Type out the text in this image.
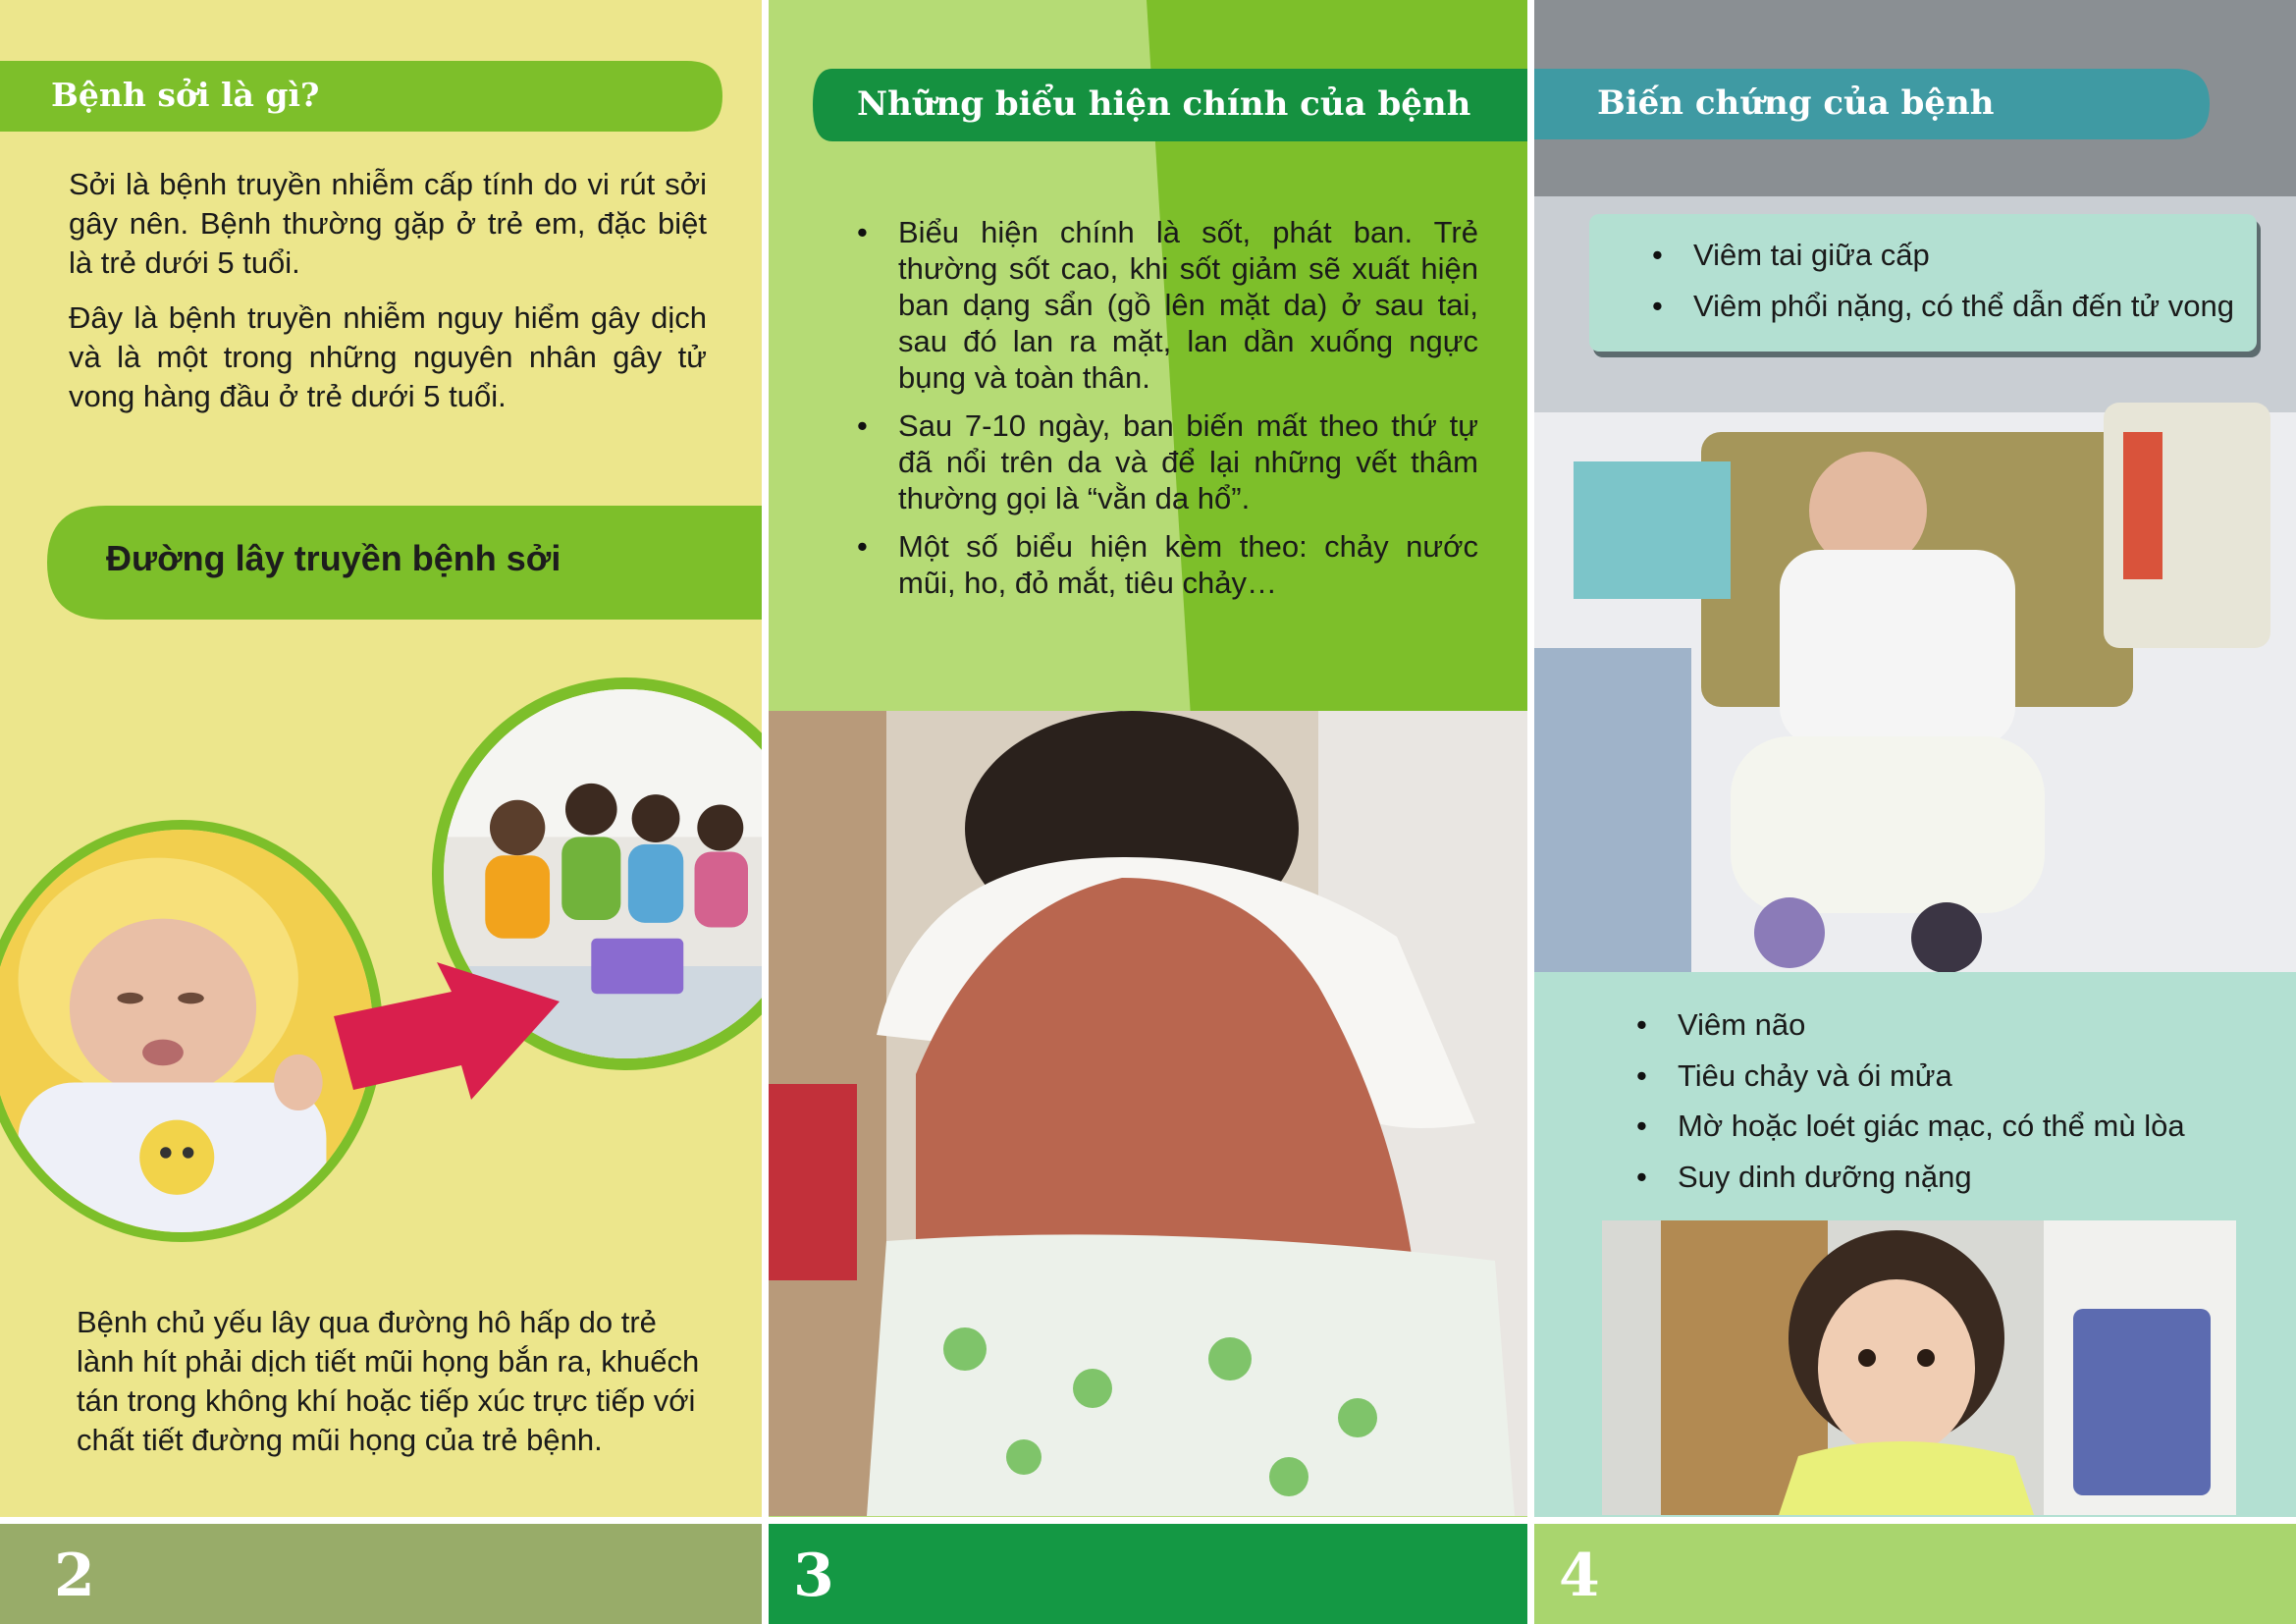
Bệnh sởi là gì?

Sởi là bệnh truyền nhiễm cấp tính do vi rút sởi gây nên. Bệnh thường gặp ở trẻ em, đặc biệt là trẻ dưới 5 tuổi.

Đây là bệnh truyền nhiễm nguy hiểm gây dịch và là một trong những nguyên nhân gây tử vong hàng đầu ở trẻ dưới 5 tuổi.

Đường lây truyền bệnh sởi
Bệnh chủ yếu lây qua đường hô hấp do trẻ lành hít phải dịch tiết mũi họng bắn ra, khuếch tán trong không khí hoặc tiếp xúc trực tiếp với chất tiết đường mũi họng của trẻ bệnh.
2
Những biểu hiện chính của bệnh
• Biểu hiện chính là sốt, phát ban. Trẻ thường sốt cao, khi sốt giảm sẽ xuất hiện ban dạng sẩn (gồ lên mặt da) ở sau tai, sau đó lan ra mặt, lan dần xuống ngực bụng và toàn thân.
• Sau 7-10 ngày, ban biến mất theo thứ tự đã nổi trên da và để lại những vết thâm thường gọi là “vằn da hổ”.
• Một số biểu hiện kèm theo: chảy nước mũi, ho, đỏ mắt, tiêu chảy…
3
Biến chứng của bệnh
• Viêm tai giữa cấp
• Viêm phổi nặng, có thể dẫn đến tử vong
• Viêm não
• Tiêu chảy và ói mửa
• Mờ hoặc loét giác mạc, có thể mù lòa
• Suy dinh dưỡng nặng
4
